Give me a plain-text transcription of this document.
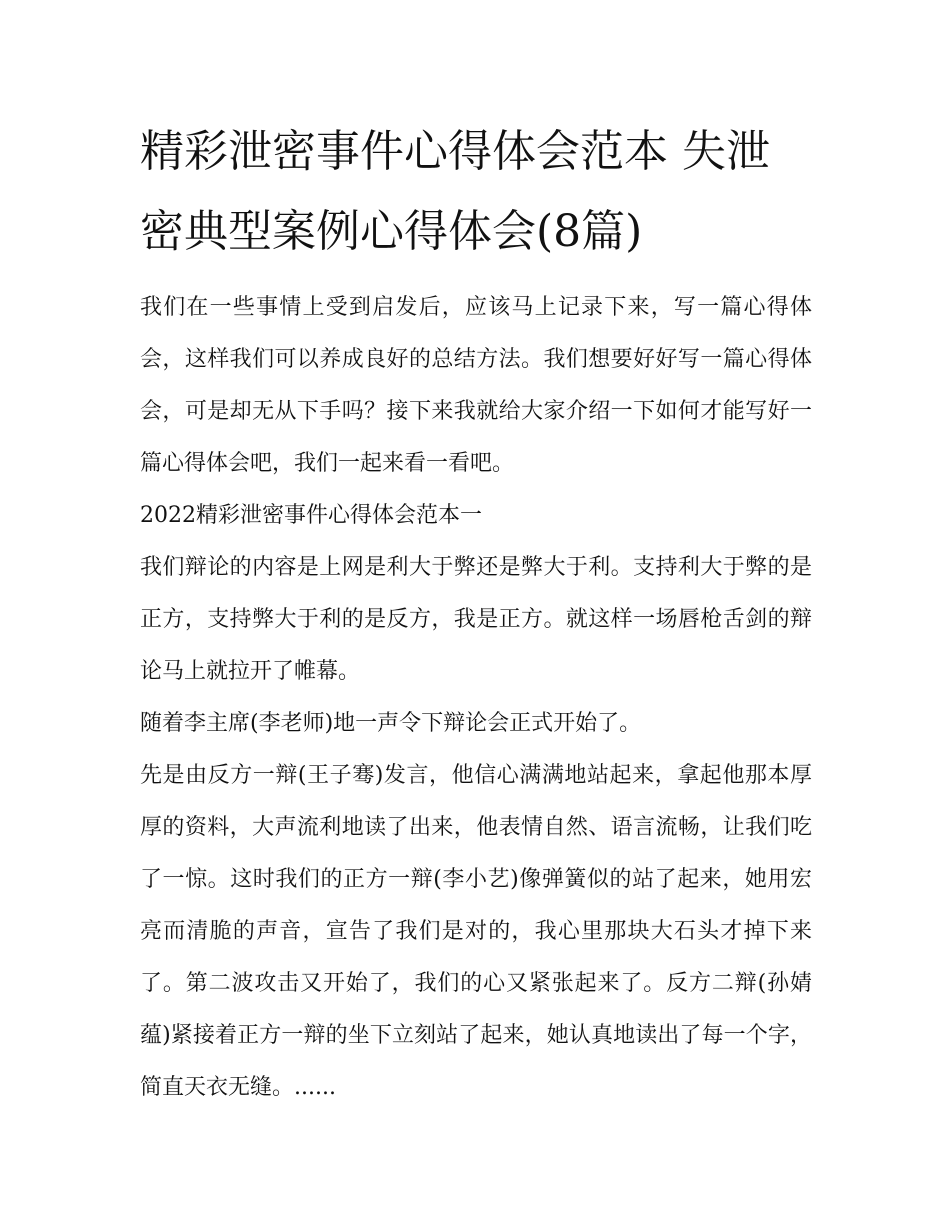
精彩泄密事件心得体会范本 失泄密典型案例心得体会(8篇)

我们在一些事情上受到启发后，应该马上记录下来，写一篇心得体会，这样我们可以养成良好的总结方法。我们想要好好写一篇心得体会，可是却无从下手吗？接下来我就给大家介绍一下如何才能写好一篇心得体会吧，我们一起来看一看吧。

2022精彩泄密事件心得体会范本一

我们辩论的内容是上网是利大于弊还是弊大于利。支持利大于弊的是正方，支持弊大于利的是反方，我是正方。就这样一场唇枪舌剑的辩论马上就拉开了帷幕。

随着李主席(李老师)地一声令下辩论会正式开始了。

先是由反方一辩(王子骞)发言，他信心满满地站起来，拿起他那本厚厚的资料，大声流利地读了出来，他表情自然、语言流畅，让我们吃了一惊。这时我们的正方一辩(李小艺)像弹簧似的站了起来，她用宏亮而清脆的声音，宣告了我们是对的，我心里那块大石头才掉下来了。第二波攻击又开始了，我们的心又紧张起来了。反方二辩(孙婧蕴)紧接着正方一辩的坐下立刻站了起来，她认真地读出了每一个字，简直天衣无缝。......
